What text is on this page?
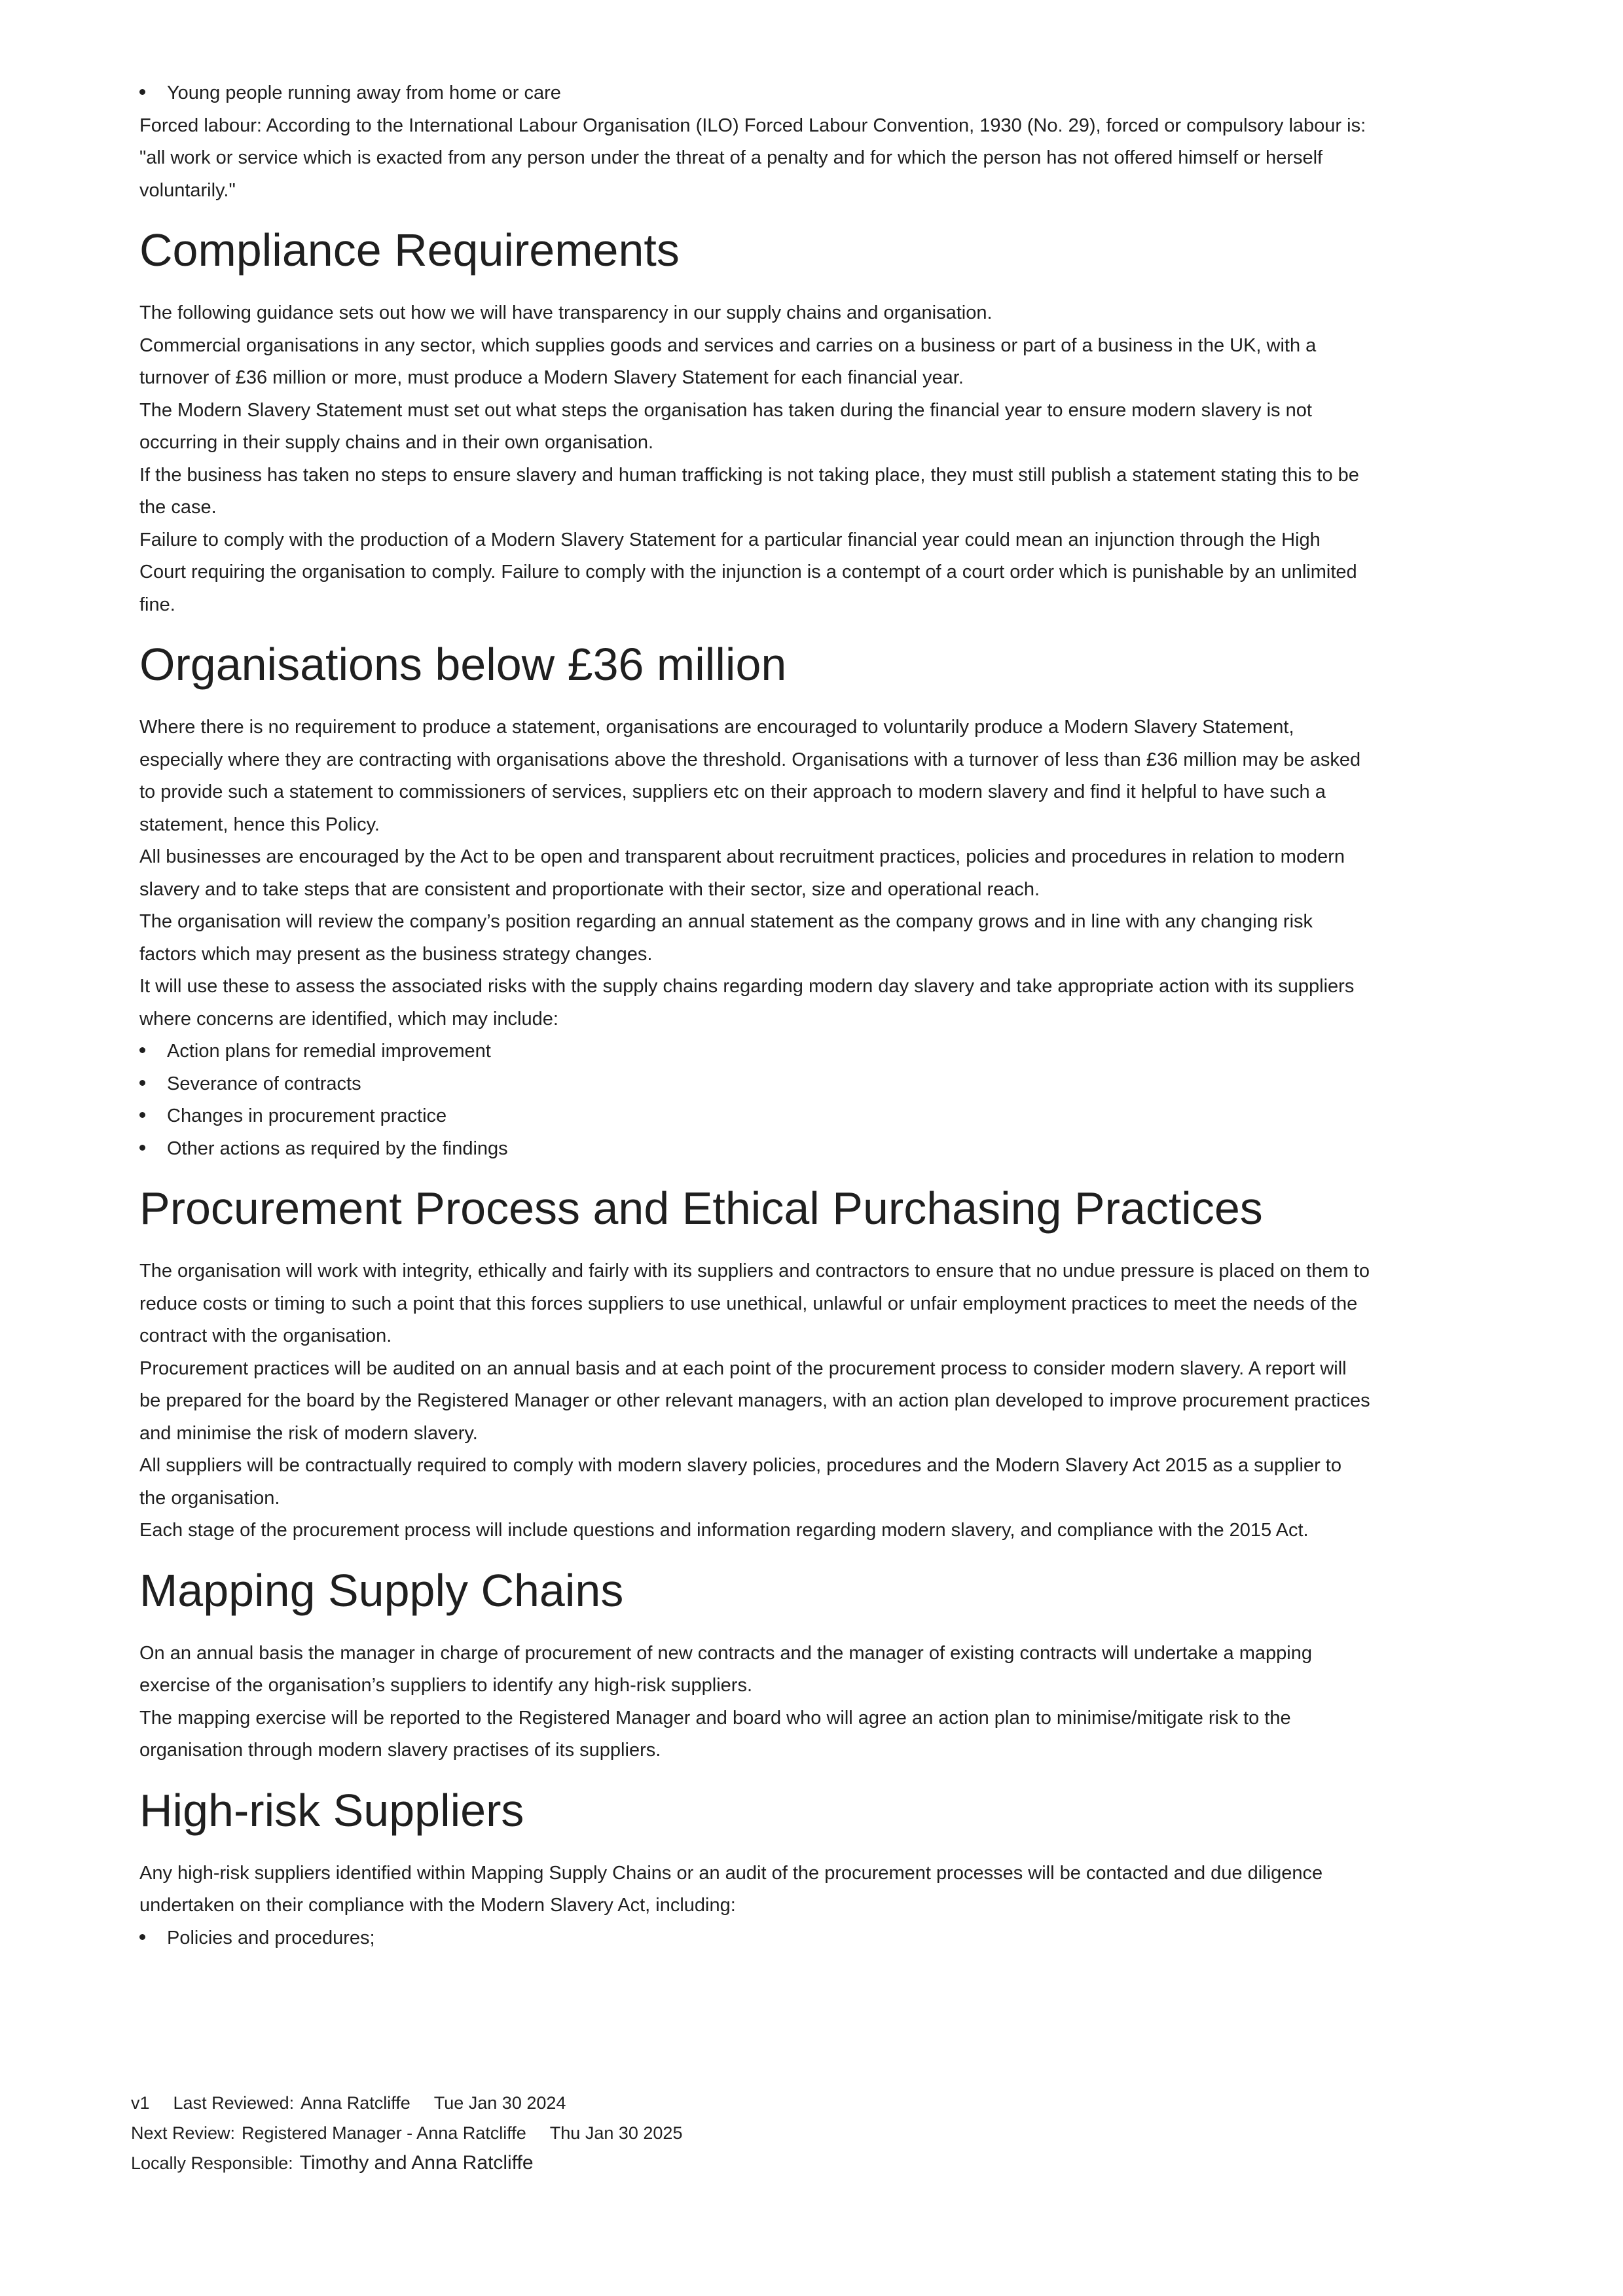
Young people running away from home or care

Forced labour: According to the International Labour Organisation (ILO) Forced Labour Convention, 1930 (No. 29), forced or compulsory labour is: "all work or service which is exacted from any person under the threat of a penalty and for which the person has not offered himself or herself voluntarily."

Compliance Requirements

The following guidance sets out how we will have transparency in our supply chains and organisation.

Commercial organisations in any sector, which supplies goods and services and carries on a business or part of a business in the UK, with a turnover of £36 million or more, must produce a Modern Slavery Statement for each financial year.

The Modern Slavery Statement must set out what steps the organisation has taken during the financial year to ensure modern slavery is not occurring in their supply chains and in their own organisation.

If the business has taken no steps to ensure slavery and human trafficking is not taking place, they must still publish a statement stating this to be the case.

Failure to comply with the production of a Modern Slavery Statement for a particular financial year could mean an injunction through the High Court requiring the organisation to comply. Failure to comply with the injunction is a contempt of a court order which is punishable by an unlimited fine.

Organisations below £36 million

Where there is no requirement to produce a statement, organisations are encouraged to voluntarily produce a Modern Slavery Statement, especially where they are contracting with organisations above the threshold. Organisations with a turnover of less than £36 million may be asked to provide such a statement to commissioners of services, suppliers etc on their approach to modern slavery and find it helpful to have such a statement, hence this Policy.

All businesses are encouraged by the Act to be open and transparent about recruitment practices, policies and procedures in relation to modern slavery and to take steps that are consistent and proportionate with their sector, size and operational reach.

The organisation will review the company’s position regarding an annual statement as the company grows and in line with any changing risk factors which may present as the business strategy changes.

It will use these to assess the associated risks with the supply chains regarding modern day slavery and take appropriate action with its suppliers where concerns are identified, which may include:

Action plans for remedial improvement
Severance of contracts
Changes in procurement practice
Other actions as required by the findings
Procurement Process and Ethical Purchasing Practices

The organisation will work with integrity, ethically and fairly with its suppliers and contractors to ensure that no undue pressure is placed on them to reduce costs or timing to such a point that this forces suppliers to use unethical, unlawful or unfair employment practices to meet the needs of the contract with the organisation.

Procurement practices will be audited on an annual basis and at each point of the procurement process to consider modern slavery. A report will be prepared for the board by the Registered Manager or other relevant managers, with an action plan developed to improve procurement practices and minimise the risk of modern slavery.

All suppliers will be contractually required to comply with modern slavery policies, procedures and the Modern Slavery Act 2015 as a supplier to the organisation.

Each stage of the procurement process will include questions and information regarding modern slavery, and compliance with the 2015 Act.

Mapping Supply Chains

On an annual basis the manager in charge of procurement of new contracts and the manager of existing contracts will undertake a mapping exercise of the organisation’s suppliers to identify any high-risk suppliers.

The mapping exercise will be reported to the Registered Manager and board who will agree an action plan to minimise/mitigate risk to the organisation through modern slavery practises of its suppliers.

High-risk Suppliers

Any high-risk suppliers identified within Mapping Supply Chains or an audit of the procurement processes will be contacted and due diligence undertaken on their compliance with the Modern Slavery Act, including:

Policies and procedures;
v1 Last Reviewed: Anna Ratcliffe Tue Jan 30 2024
Next Review: Registered Manager - Anna Ratcliffe Thu Jan 30 2025
Locally Responsible: Timothy and Anna Ratcliffe
